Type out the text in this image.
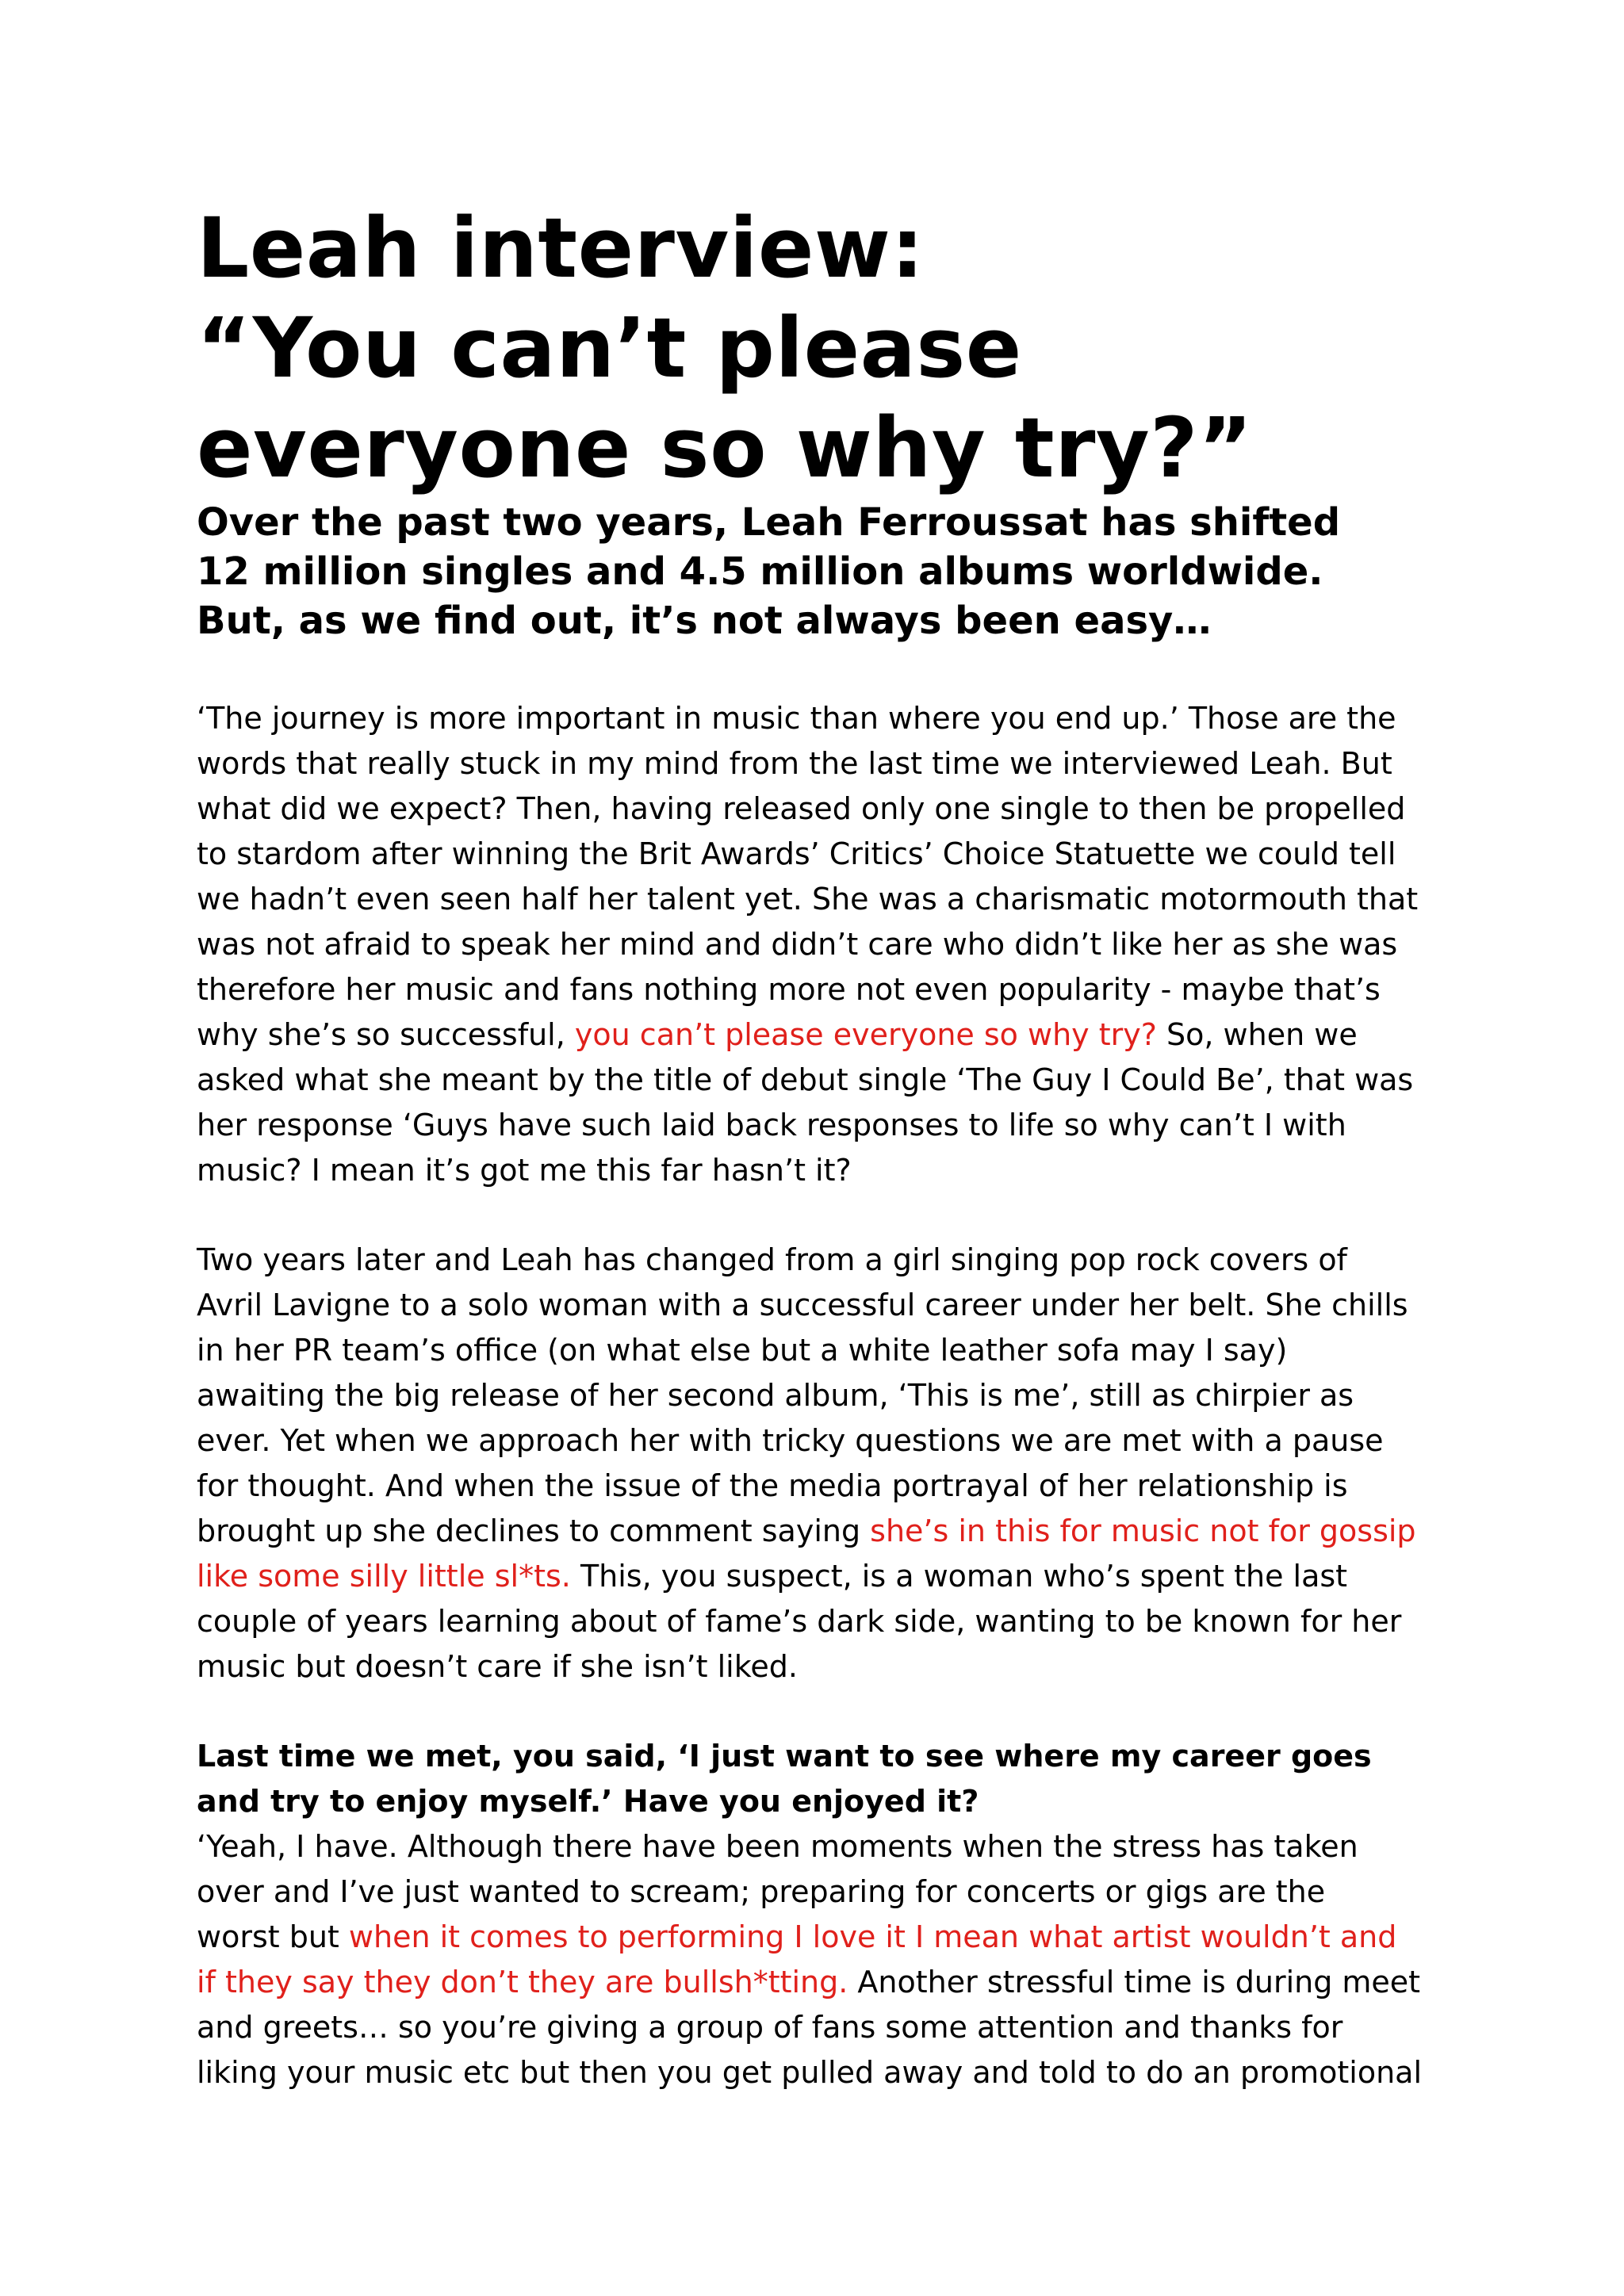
Leah interview:
“You can’t please
everyone so why try?”
Over the past two years, Leah Ferroussat has shifted
12 million singles and 4.5 million albums worldwide.
But, as we find out, it’s not always been easy…

‘The journey is more important in music than where you end up.’ Those are the
words that really stuck in my mind from the last time we interviewed Leah. But
what did we expect? Then, having released only one single to then be propelled
to stardom after winning the Brit Awards’ Critics’ Choice Statuette we could tell
we hadn’t even seen half her talent yet. She was a charismatic motormouth that
was not afraid to speak her mind and didn’t care who didn’t like her as she was
therefore her music and fans nothing more not even popularity - maybe that’s
why she’s so successful, you can’t please everyone so why try? So, when we
asked what she meant by the title of debut single ‘The Guy I Could Be’, that was
her response ‘Guys have such laid back responses to life so why can’t I with
music? I mean it’s got me this far hasn’t it?

Two years later and Leah has changed from a girl singing pop rock covers of
Avril Lavigne to a solo woman with a successful career under her belt. She chills
in her PR team’s office (on what else but a white leather sofa may I say)
awaiting the big release of her second album, ‘This is me’, still as chirpier as
ever. Yet when we approach her with tricky questions we are met with a pause
for thought. And when the issue of the media portrayal of her relationship is
brought up she declines to comment saying she’s in this for music not for gossip
like some silly little sl*ts. This, you suspect, is a woman who’s spent the last
couple of years learning about of fame’s dark side, wanting to be known for her
music but doesn’t care if she isn’t liked.

Last time we met, you said, ‘I just want to see where my career goes
and try to enjoy myself.’ Have you enjoyed it?
‘Yeah, I have. Although there have been moments when the stress has taken
over and I’ve just wanted to scream; preparing for concerts or gigs are the
worst but when it comes to performing I love it I mean what artist wouldn’t and
if they say they don’t they are bullsh*tting. Another stressful time is during meet
and greets… so you’re giving a group of fans some attention and thanks for
liking your music etc but then you get pulled away and told to do an promotional
